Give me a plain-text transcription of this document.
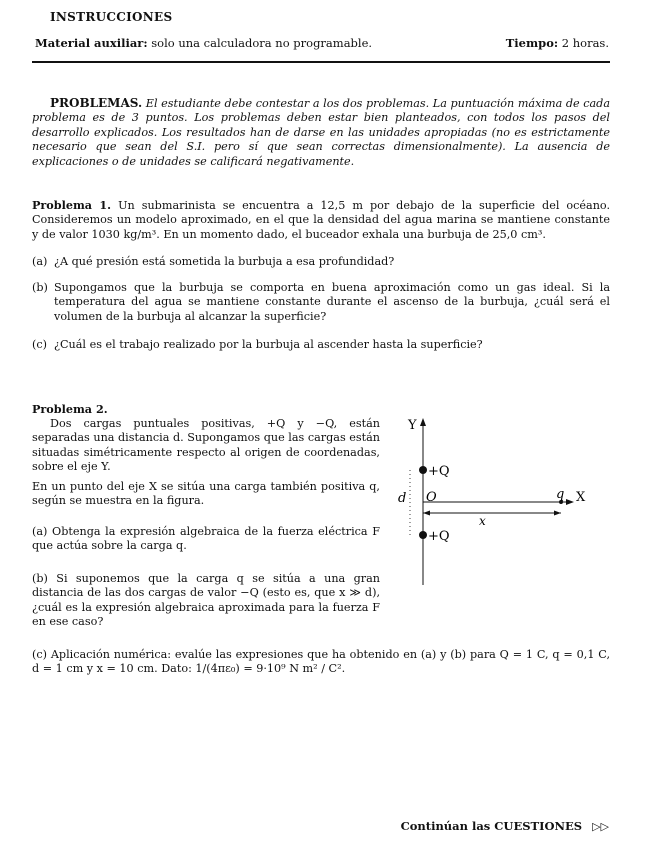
INSTRUCCIONES
Material auxiliar: solo una calculadora no programable.	Tiempo: 2 horas.
PROBLEMAS. El estudiante debe contestar a los dos problemas. La puntuación máxima de cada problema es de 3 puntos. Los problemas deben estar bien planteados, con todos los pasos del desarrollo explicados. Los resultados han de darse en las unidades apropiadas (no es estrictamente necesario que sean del S.I. pero sí que sean correctas dimensionalmente). La ausencia de explicaciones o de unidades se calificará negativamente.
Problema 1. Un submarinista se encuentra a 12,5 m por debajo de la superficie del océano. Consideremos un modelo aproximado, en el que la densidad del agua marina se mantiene constante y de valor 1030 kg/m³. En un momento dado, el buceador exhala una burbuja de 25,0 cm³.
(a) ¿A qué presión está sometida la burbuja a esa profundidad?
(b) Supongamos que la burbuja se comporta en buena aproximación como un gas ideal. Si la temperatura del agua se mantiene constante durante el ascenso de la burbuja, ¿cuál será el volumen de la burbuja al alcanzar la superficie?
(c) ¿Cuál es el trabajo realizado por la burbuja al ascender hasta la superficie?
Problema 2.
Dos cargas puntuales positivas, +Q y −Q, están separadas una distancia d. Supongamos que las cargas están situadas simétricamente respecto al origen de coordenadas, sobre el eje Y.
En un punto del eje X se sitúa una carga también positiva q, según se muestra en la figura.
(a) Obtenga la expresión algebraica de la fuerza eléctrica F que actúa sobre la carga q.
(b) Si suponemos que la carga q se sitúa a una gran distancia de las dos cargas de valor −Q (esto es, que x ≫ d), ¿cuál es la expresión algebraica aproximada para la fuerza F en ese caso?
Y
X
O
d
+Q
+Q
q
x
(c) Aplicación numérica: evalúe las expresiones que ha obtenido en (a) y (b) para Q = 1 C, q = 0,1 C, d = 1 cm y x = 10 cm. Dato: 1/(4πε₀) = 9·10⁹ N m² / C².
Continúan las CUESTIONES ▷▷
